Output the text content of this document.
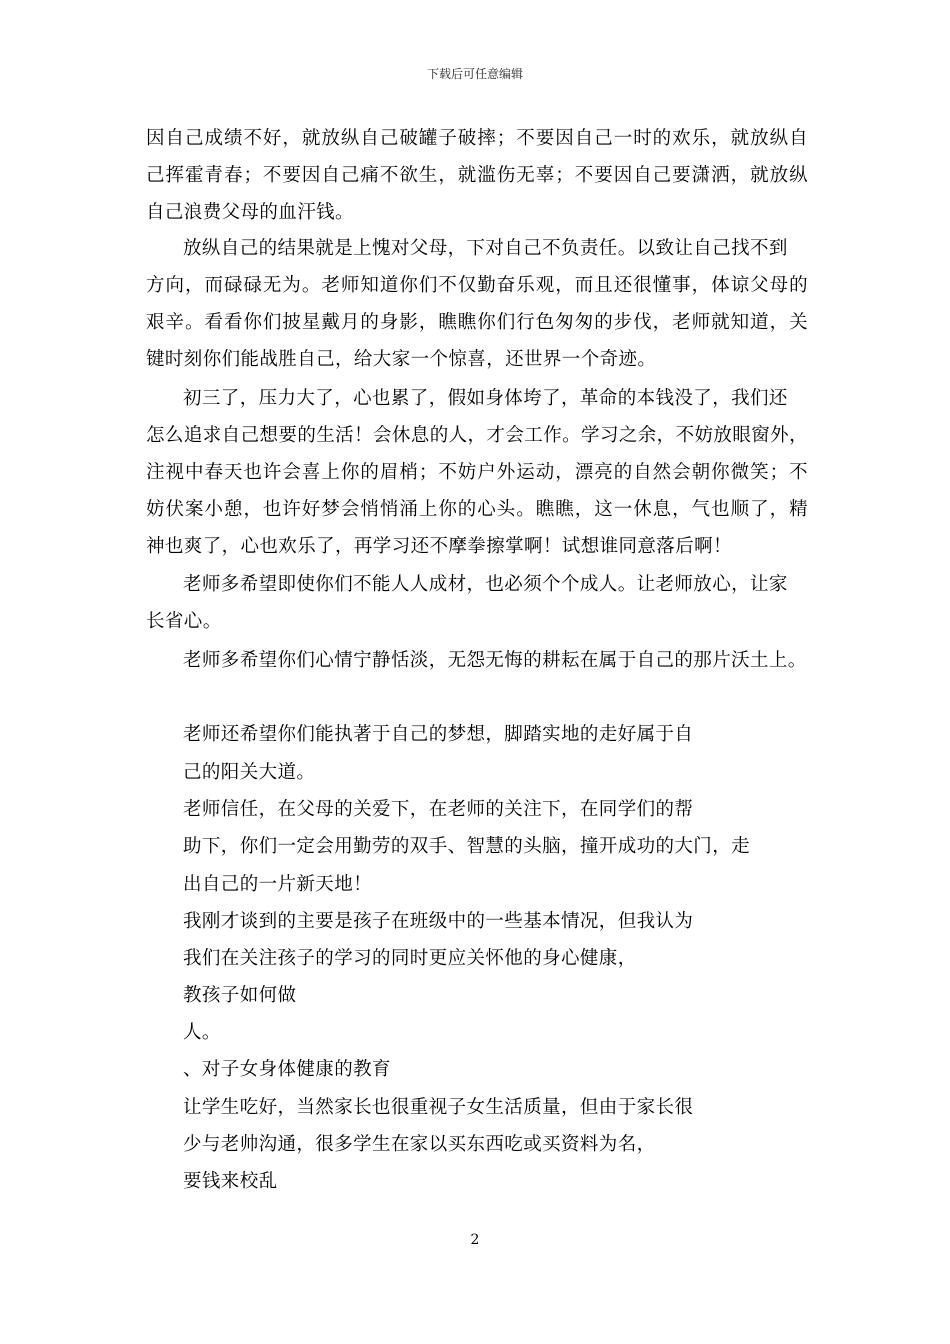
下载后可任意编辑
因自己成绩不好，就放纵自己破罐子破摔；不要因自己一时的欢乐，就放纵自
己挥霍青春；不要因自己痛不欲生，就滥伤无辜；不要因自己要潇洒，就放纵
自己浪费父母的血汗钱。
放纵自己的结果就是上愧对父母，下对自己不负责任。以致让自己找不到
方向，而碌碌无为。老师知道你们不仅勤奋乐观，而且还很懂事，体谅父母的
艰辛。看看你们披星戴月的身影，瞧瞧你们行色匆匆的步伐，老师就知道，关
键时刻你们能战胜自己，给大家一个惊喜，还世界一个奇迹。
初三了，压力大了，心也累了，假如身体垮了，革命的本钱没了，我们还
怎么追求自己想要的生活！会休息的人，才会工作。学习之余，不妨放眼窗外，
注视中春天也许会喜上你的眉梢；不妨户外运动，漂亮的自然会朝你微笑；不
妨伏案小憩，也许好梦会悄悄涌上你的心头。瞧瞧，这一休息，气也顺了，精
神也爽了，心也欢乐了，再学习还不摩拳擦掌啊！试想谁同意落后啊！
老师多希望即使你们不能人人成材，也必须个个成人。让老师放心，让家
长省心。
老师多希望你们心情宁静恬淡，无怨无悔的耕耘在属于自己的那片沃土上。
老师还希望你们能执著于自己的梦想，脚踏实地的走好属于自
己的阳关大道。
老师信任，在父母的关爱下，在老师的关注下，在同学们的帮
助下，你们一定会用勤劳的双手、智慧的头脑，撞开成功的大门，走
出自己的一片新天地！
我刚才谈到的主要是孩子在班级中的一些基本情况，但我认为
我们在关注孩子的学习的同时更应关怀他的身心健康，
教孩子如何做
人。
、对子女身体健康的教育
让学生吃好，当然家长也很重视子女生活质量，但由于家长很
少与老帅沟通，很多学生在家以买东西吃或买资料为名，
要钱来校乱
2
